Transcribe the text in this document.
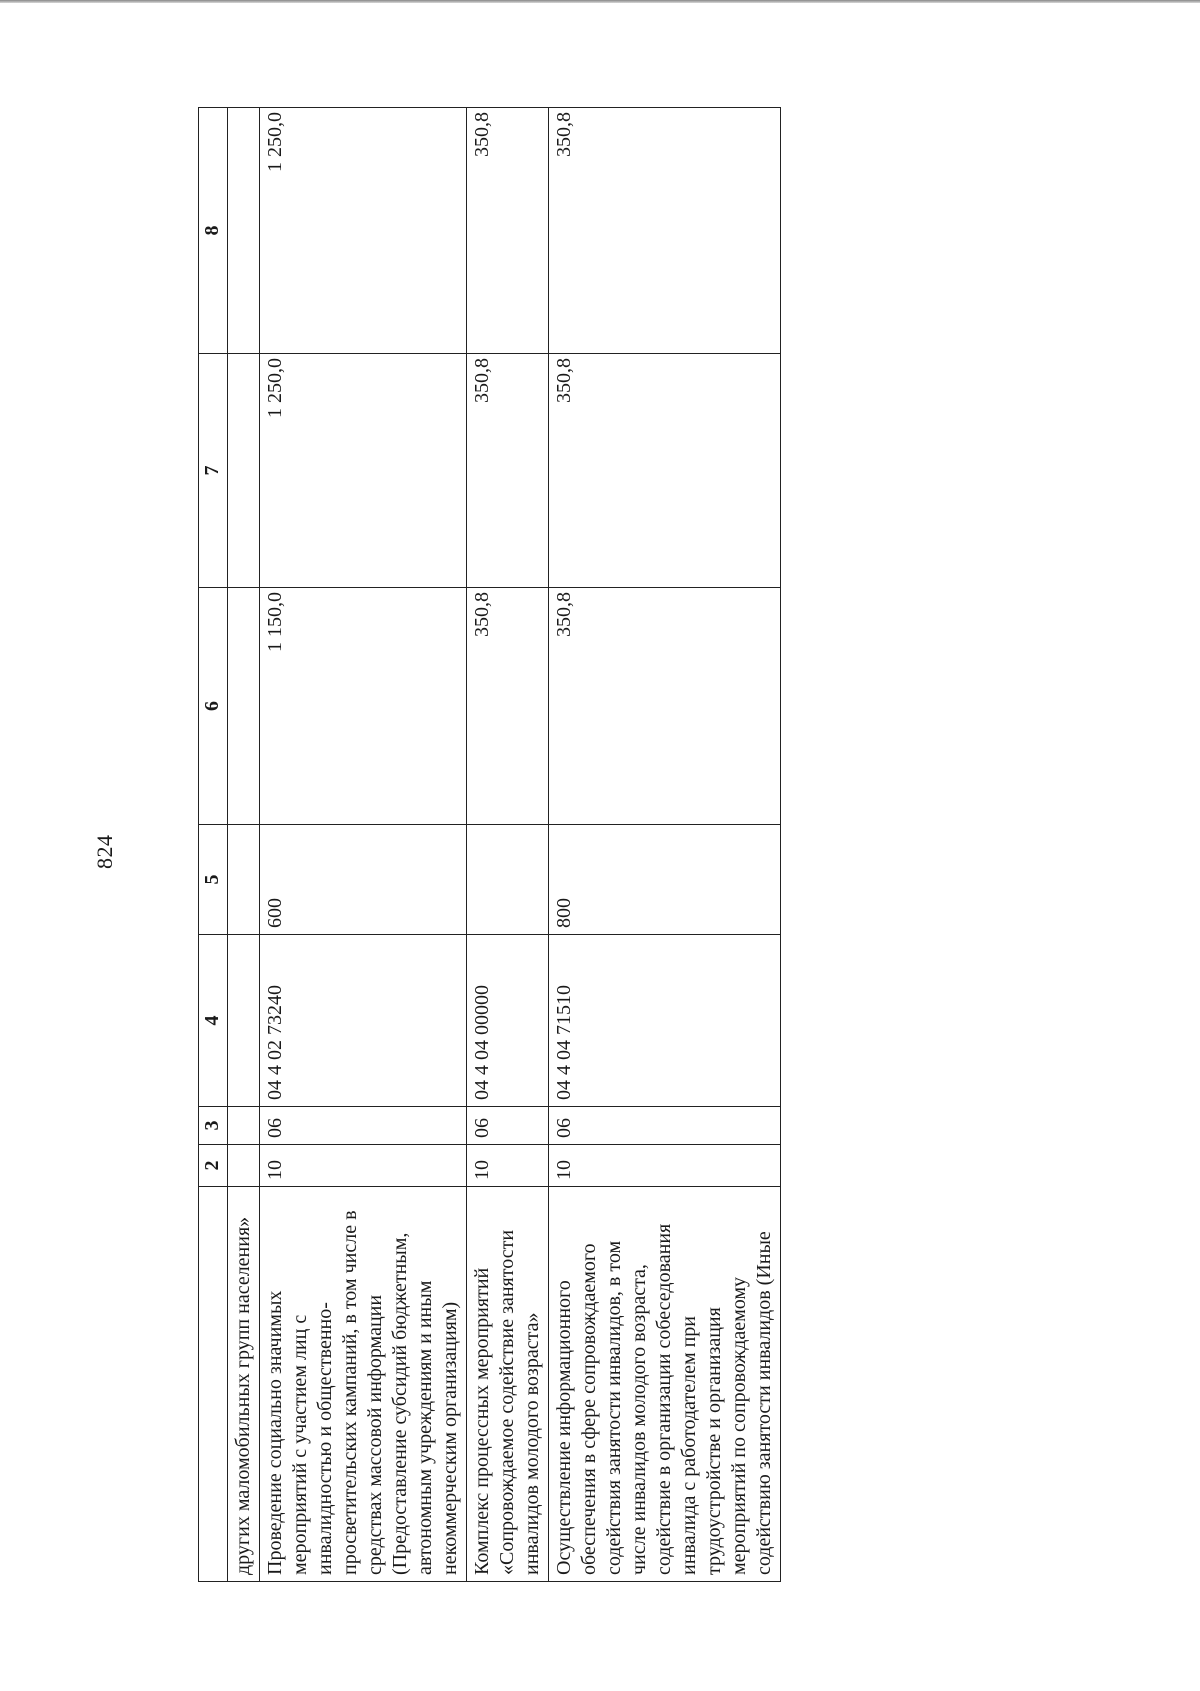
824
	2	3	4	5	6	7	8
других маломобильных групп населения»							
Проведение социально значимых мероприятий с участием лиц с инвалидностью и общественно-просветительских кампаний, в том числе в средствах массовой информации (Предоставление субсидий бюджетным, автономным учреждениям и иным некоммерческим организациям)	10	06	04 4 02 73240	600	1 150,0	1 250,0	1 250,0
Комплекс процессных мероприятий «Сопровождаемое содействие занятости инвалидов молодого возраста»	10	06	04 4 04 00000		350,8	350,8	350,8
Осуществление информационного обеспечения в сфере сопровождаемого содействия занятости инвалидов, в том числе инвалидов молодого возраста, содействие в организации собеседования инвалида с работодателем при трудоустройстве и организация мероприятий по сопровождаемому содействию занятости инвалидов (Иные	10	06	04 4 04 71510	800	350,8	350,8	350,8
